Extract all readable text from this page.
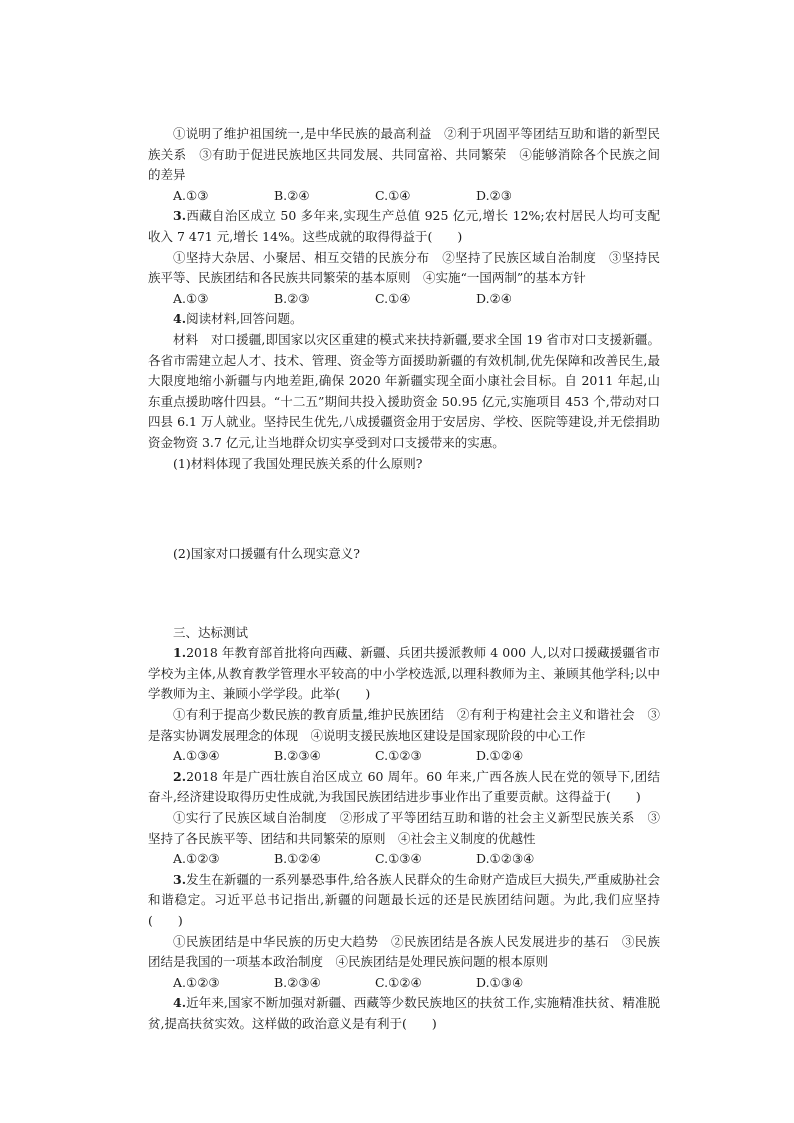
①说明了维护祖国统一,是中华民族的最高利益　②利于巩固平等团结互助和谐的新型民族关系　③有助于促进民族地区共同发展、共同富裕、共同繁荣　④能够消除各个民族之间的差异

A.①③	B.②④	C.①④	D.②③

3.西藏自治区成立 50 多年来,实现生产总值 925 亿元,增长 12%;农村居民人均可支配收入 7 471 元,增长 14%。这些成就的取得得益于(　　)

①坚持大杂居、小聚居、相互交错的民族分布　②坚持了民族区域自治制度　③坚持民族平等、民族团结和各民族共同繁荣的基本原则　④实施“一国两制”的基本方针

A.①③	B.②③	C.①④	D.②④

4.阅读材料,回答问题。

材料　对口援疆,即国家以灾区重建的模式来扶持新疆,要求全国 19 省市对口支援新疆。各省市需建立起人才、技术、管理、资金等方面援助新疆的有效机制,优先保障和改善民生,最大限度地缩小新疆与内地差距,确保 2020 年新疆实现全面小康社会目标。自 2011 年起,山东重点援助喀什四县。“十二五”期间共投入援助资金 50.95 亿元,实施项目 453 个,带动对口四县 6.1 万人就业。坚持民生优先,八成援疆资金用于安居房、学校、医院等建设,并无偿捐助资金物资 3.7 亿元,让当地群众切实享受到对口支援带来的实惠。

(1)材料体现了我国处理民族关系的什么原则?

(2)国家对口援疆有什么现实意义?

三、达标测试

1.2018 年教育部首批将向西藏、新疆、兵团共援派教师 4 000 人,以对口援藏援疆省市学校为主体,从教育教学管理水平较高的中小学校选派,以理科教师为主、兼顾其他学科;以中学教师为主、兼顾小学学段。此举(　　)

①有利于提高少数民族的教育质量,维护民族团结　②有利于构建社会主义和谐社会　③是落实协调发展理念的体现　④说明支援民族地区建设是国家现阶段的中心工作

A.①③④	B.②③④	C.①②③	D.①②④

2.2018 年是广西壮族自治区成立 60 周年。60 年来,广西各族人民在党的领导下,团结奋斗,经济建设取得历史性成就,为我国民族团结进步事业作出了重要贡献。这得益于(　　)

①实行了民族区域自治制度　②形成了平等团结互助和谐的社会主义新型民族关系　③坚持了各民族平等、团结和共同繁荣的原则　④社会主义制度的优越性

A.①②③	B.①②④	C.①③④	D.①②③④

3.发生在新疆的一系列暴恐事件,给各族人民群众的生命财产造成巨大损失,严重威胁社会和谐稳定。习近平总书记指出,新疆的问题最长远的还是民族团结问题。为此,我们应坚持(　　)

①民族团结是中华民族的历史大趋势　②民族团结是各族人民发展进步的基石　③民族团结是我国的一项基本政治制度　④民族团结是处理民族问题的根本原则

A.①②③	B.②③④	C.①②④	D.①③④

4.近年来,国家不断加强对新疆、西藏等少数民族地区的扶贫工作,实施精准扶贫、精准脱贫,提高扶贫实效。这样做的政治意义是有利于(　　)
